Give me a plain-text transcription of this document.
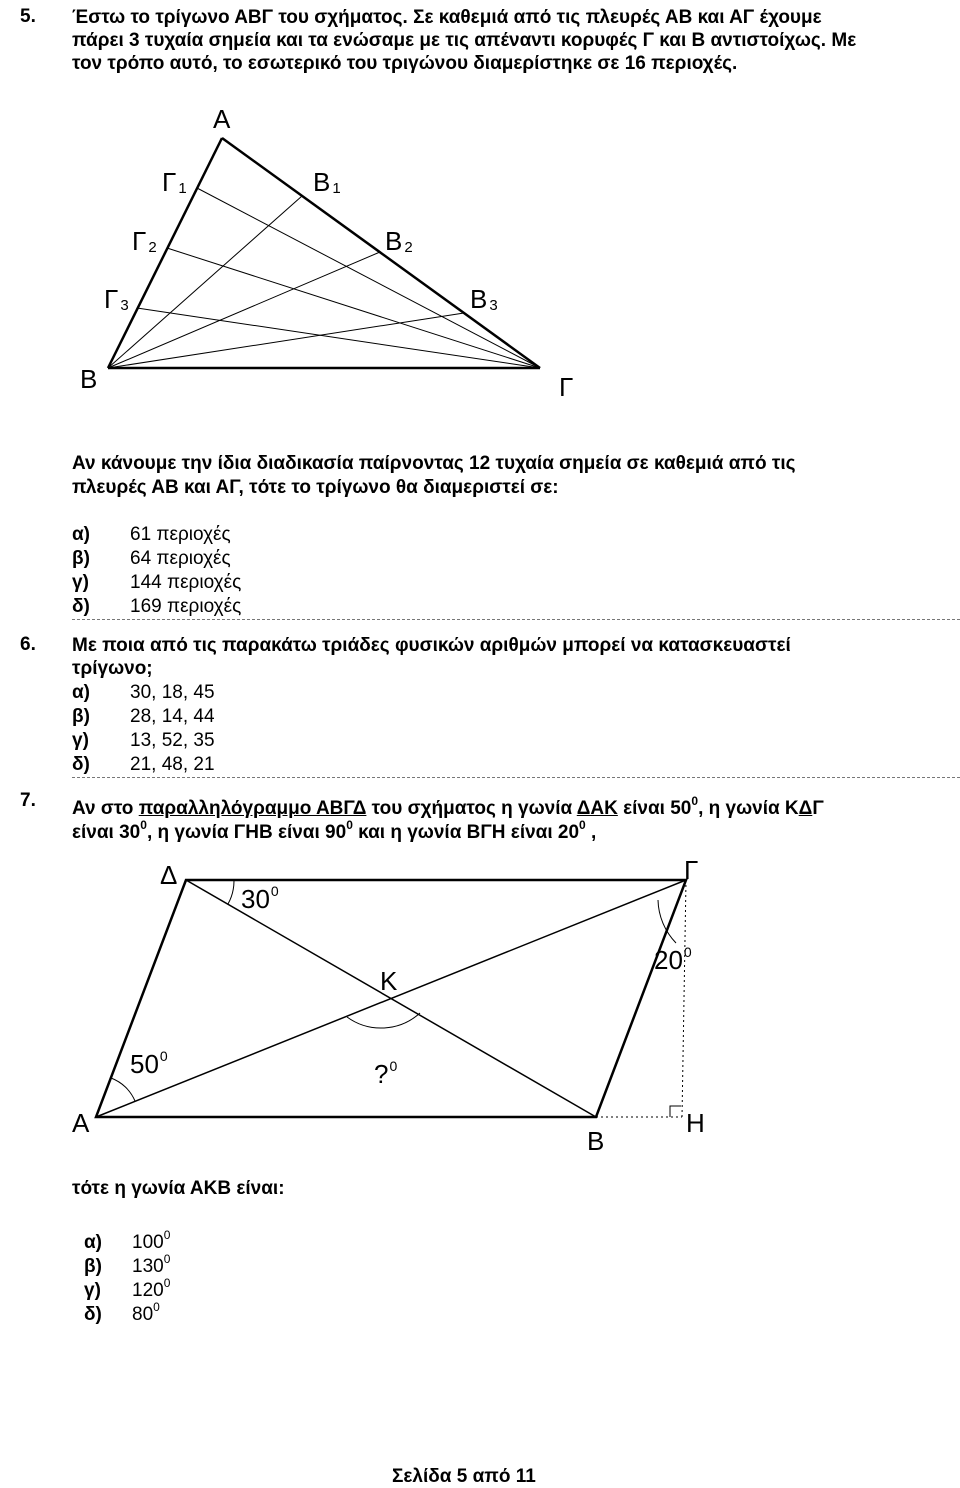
5. Έστω το τρίγωνο ΑΒΓ του σχήματος. Σε καθεμιά από τις πλευρές ΑΒ και ΑΓ έχουμε
πάρει 3 τυχαία σημεία και τα ενώσαμε με τις απέναντι κορυφές Γ και Β αντιστοίχως. Με
τον τρόπο αυτό, το εσωτερικό του τριγώνου διαμερίστηκε σε 16 περιοχές.
Α
Γ $_1$	Β $_1$
Γ $_2$	Β $_2$
Γ $_3$	Β $_3$
Β	Γ
Αν κάνουμε την ίδια διαδικασία παίρνοντας 12 τυχαία σημεία σε καθεμιά από τις
πλευρές ΑΒ και ΑΓ, τότε το τρίγωνο θα διαμεριστεί σε:
α) 61 περιοχές
β) 64 περιοχές
γ) 144 περιοχές
δ) 169 περιοχές
6. Με ποια από τις παρακάτω τριάδες φυσικών αριθμών μπορεί να κατασκευαστεί
τρίγωνο;
α) 30, 18, 45
β) 28, 14, 44
γ) 13, 52, 35
δ) 21, 48, 21
7. Αν στο παραλληλόγραμμο ΑΒΓΔ του σχήματος η γωνία ΔΑΚ είναι $50^0$, η γωνία ΚΔΓ
είναι $30^0$, η γωνία ΓΗΒ είναι $90^0$ και η γωνία ΒΓΗ είναι $20^0$ ,
Δ	Γ
$30^0$
$20^0$
Κ
$50^0$
?$^0$
Α
Β
Η
τότε η γωνία ΑΚΒ είναι:
α) $100^0$
β) $130^0$
γ) $120^0$
δ) $80^0$
Σελίδα 5 από 11
